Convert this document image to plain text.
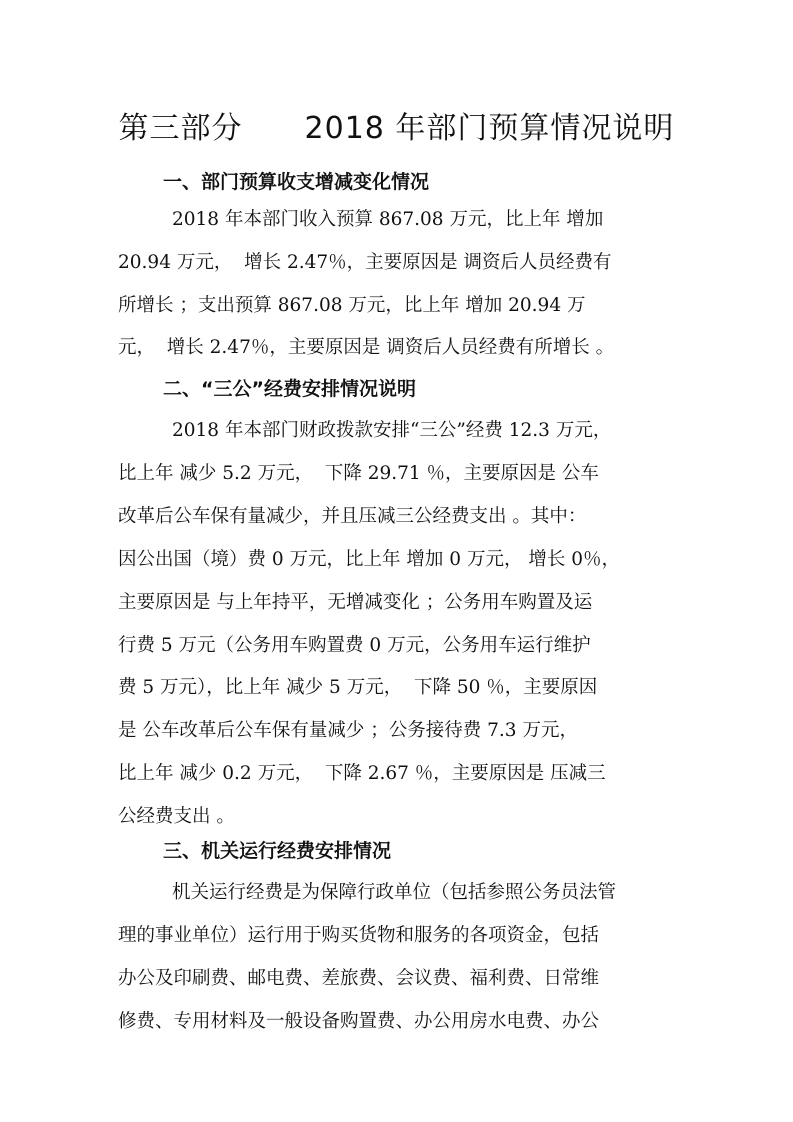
第三部分　　2018 年部门预算情况说明
一、部门预算收支增减变化情况
2018 年本部门收入预算 867.08 万元，比上年 增加
20.94 万元，  增长 2.47％，主要原因是 调资后人员经费有
所增长 ；支出预算 867.08 万元，比上年 增加 20.94 万
元，  增长 2.47％，主要原因是 调资后人员经费有所增长 。
二、“三公”经费安排情况说明
2018 年本部门财政拨款安排“三公”经费 12.3 万元，
比上年 减少 5.2 万元，  下降 29.71 ％，主要原因是 公车
改革后公车保有量减少，并且压减三公经费支出 。其中：
因公出国（境）费 0 万元，比上年 增加 0 万元， 增长 0％，
主要原因是 与上年持平，无增减变化 ；公务用车购置及运
行费 5 万元（公务用车购置费 0 万元，公务用车运行维护
费 5 万元），比上年 减少 5 万元，  下降 50 ％，主要原因
是 公车改革后公车保有量减少 ；公务接待费 7.3 万元，
比上年 减少 0.2 万元，  下降 2.67 ％，主要原因是 压减三
公经费支出 。
三、机关运行经费安排情况
机关运行经费是为保障行政单位（包括参照公务员法管
理的事业单位）运行用于购买货物和服务的各项资金，包括
办公及印刷费、邮电费、差旅费、会议费、福利费、日常维
修费、专用材料及一般设备购置费、办公用房水电费、办公
